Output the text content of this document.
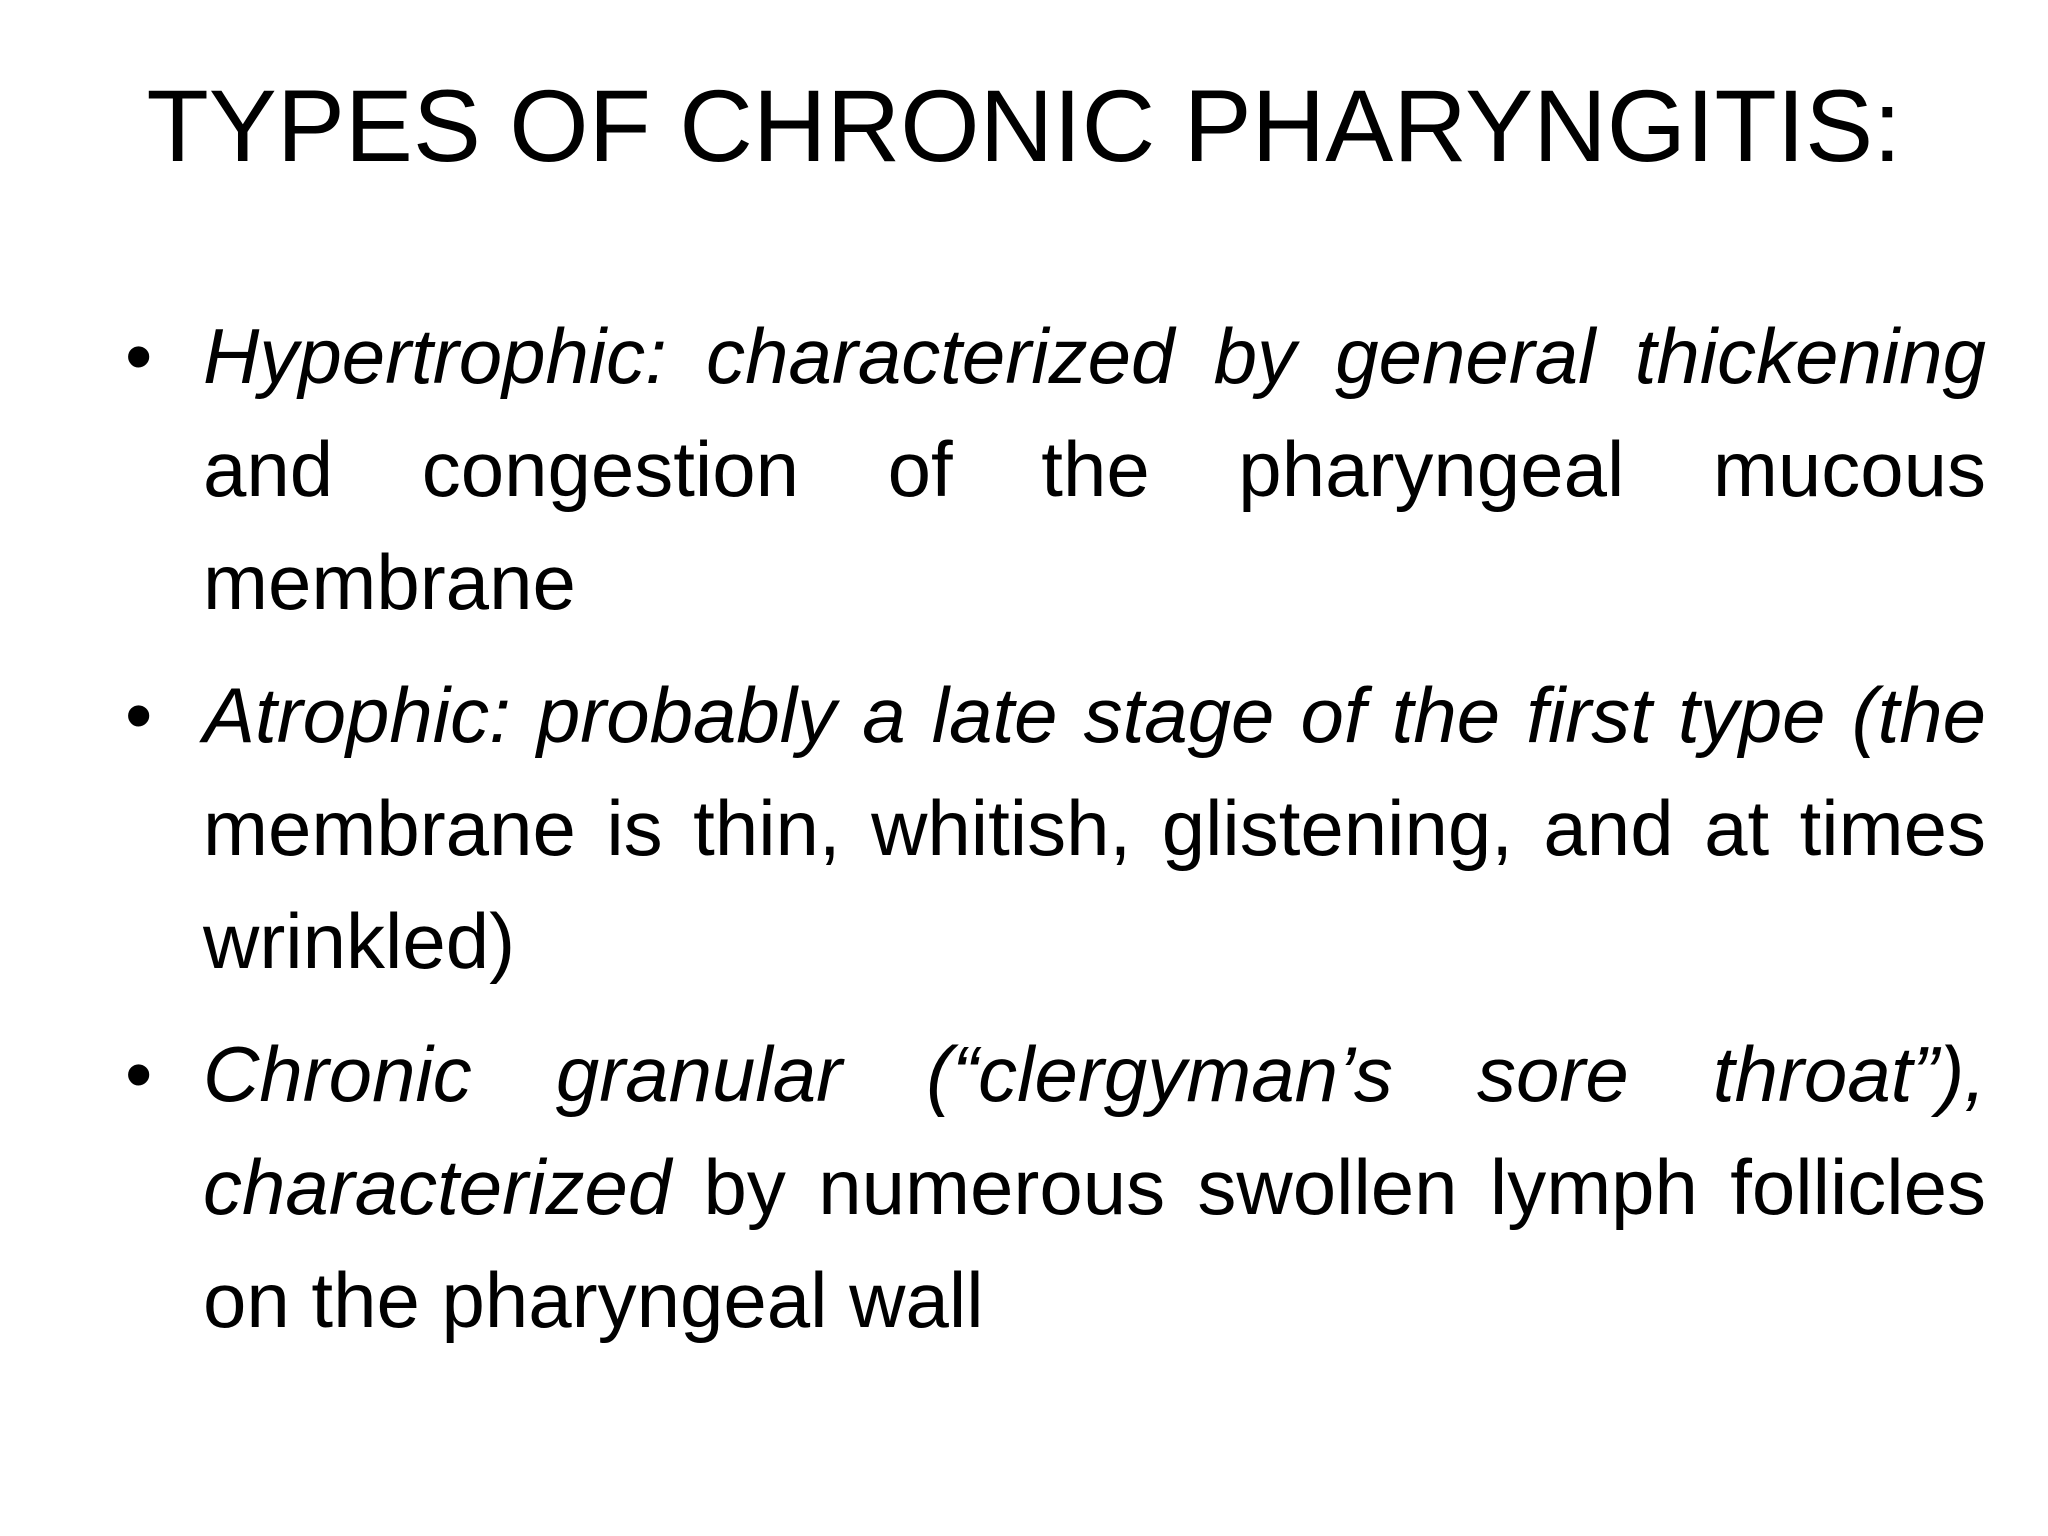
TYPES OF CHRONIC PHARYNGITIS:
• Hypertrophic: characterized by general thickening and congestion of the pharyngeal mucous membrane
• Atrophic: probably a late stage of the first type (the membrane is thin, whitish, glistening, and at times wrinkled)
• Chronic granular (“clergyman’s sore throat”), characterized by numerous swollen lymph follicles on the pharyngeal wall
